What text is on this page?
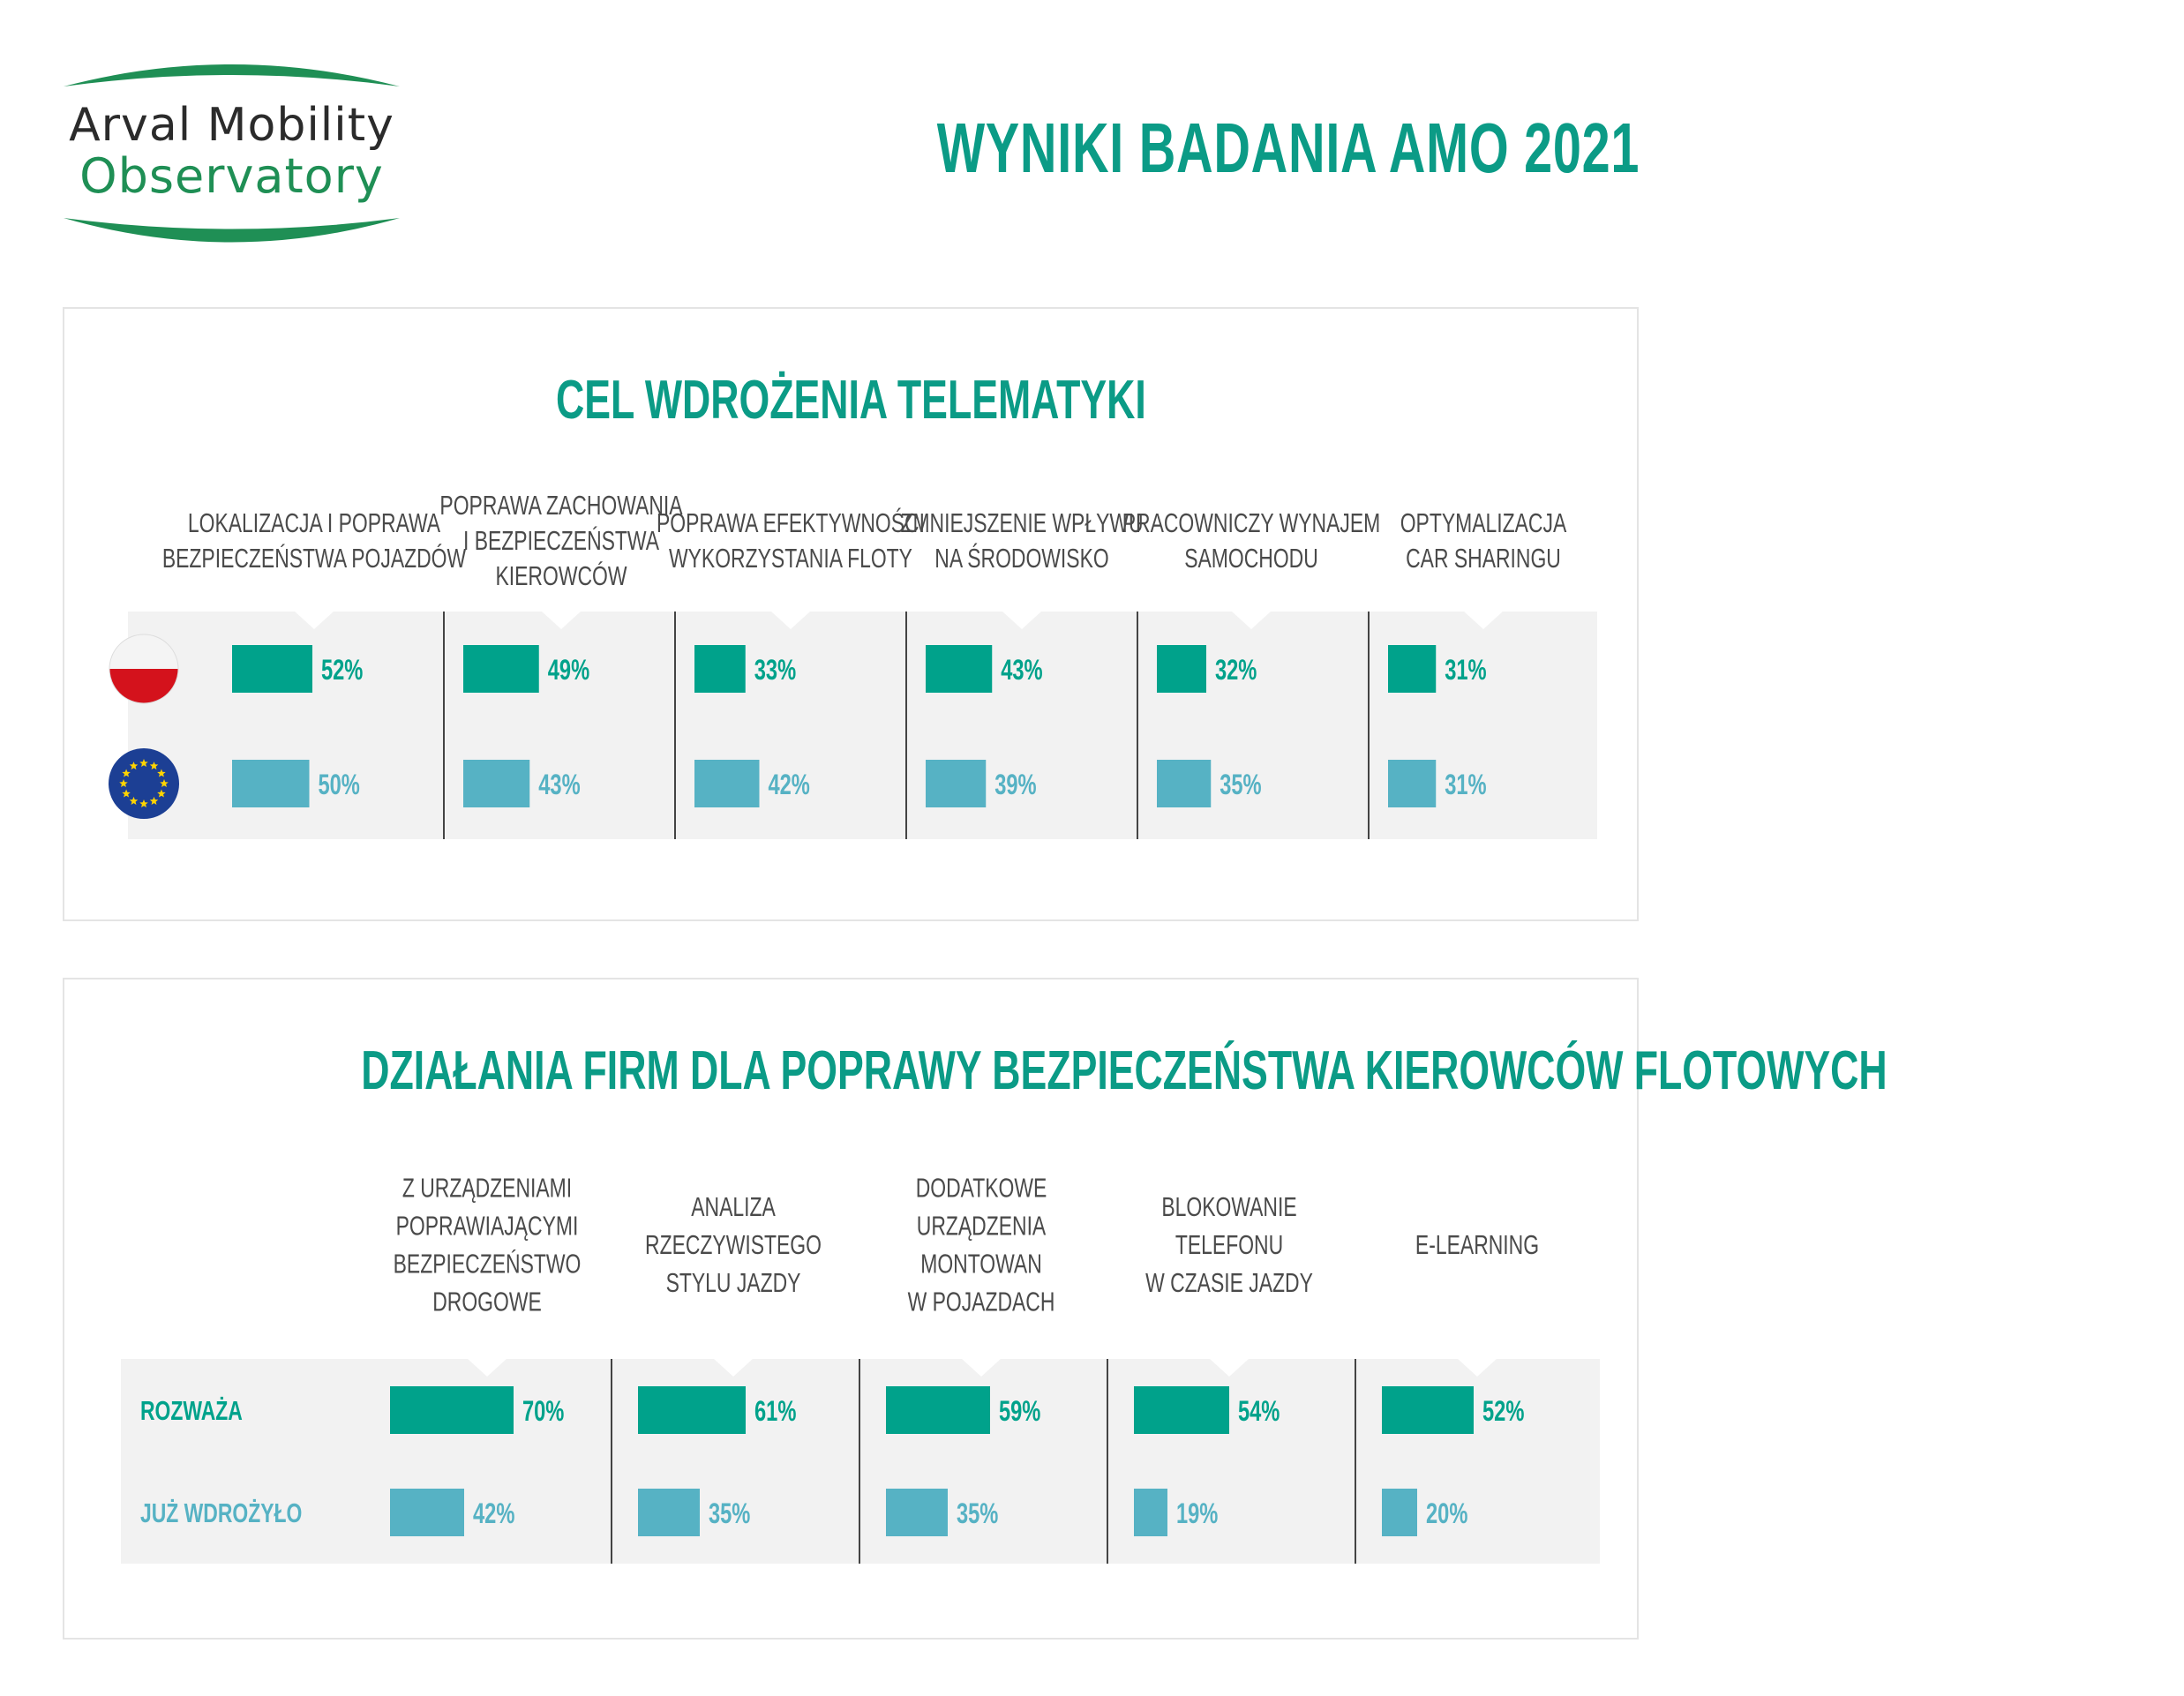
Arval Mobility
Observatory	WYNIKI BADANIA AMO 2021
CEL WDROŻENIA TELEMATYKI
LOKALIZACJA I POPRAWA
BEZPIECZEŃSTWA POJAZDÓW
52%
50%
POPRAWA ZACHOWANIA
I BEZPIECZEŃSTWA
KIEROWCÓW
49%
43%
POPRAWA EFEKTYWNOŚCI
WYKORZYSTANIA FLOTY
33%
42%
ZMNIEJSZENIE WPŁYWU
NA ŚRODOWISKO
43%
39%
PRACOWNICZY WYNAJEM
SAMOCHODU
32%
35%
OPTYMALIZACJA
CAR SHARINGU
31%
31%
DZIAŁANIA FIRM DLA POPRAWY BEZPIECZEŃSTWA KIEROWCÓW FLOTOWYCH
Z URZĄDZENIAMI
POPRAWIAJĄCYMI
BEZPIECZEŃSTWO
DROGOWE
70%
42%
ANALIZA
RZECZYWISTEGO
STYLU JAZDY
61%
35%
DODATKOWE
URZĄDZENIA
MONTOWAN
W POJAZDACH
59%
35%
BLOKOWANIE
TELEFONU
W CZASIE JAZDY
54%
19%
E-LEARNING
52%
20%
ROZWAŻA
JUŻ WDROŻYŁO
